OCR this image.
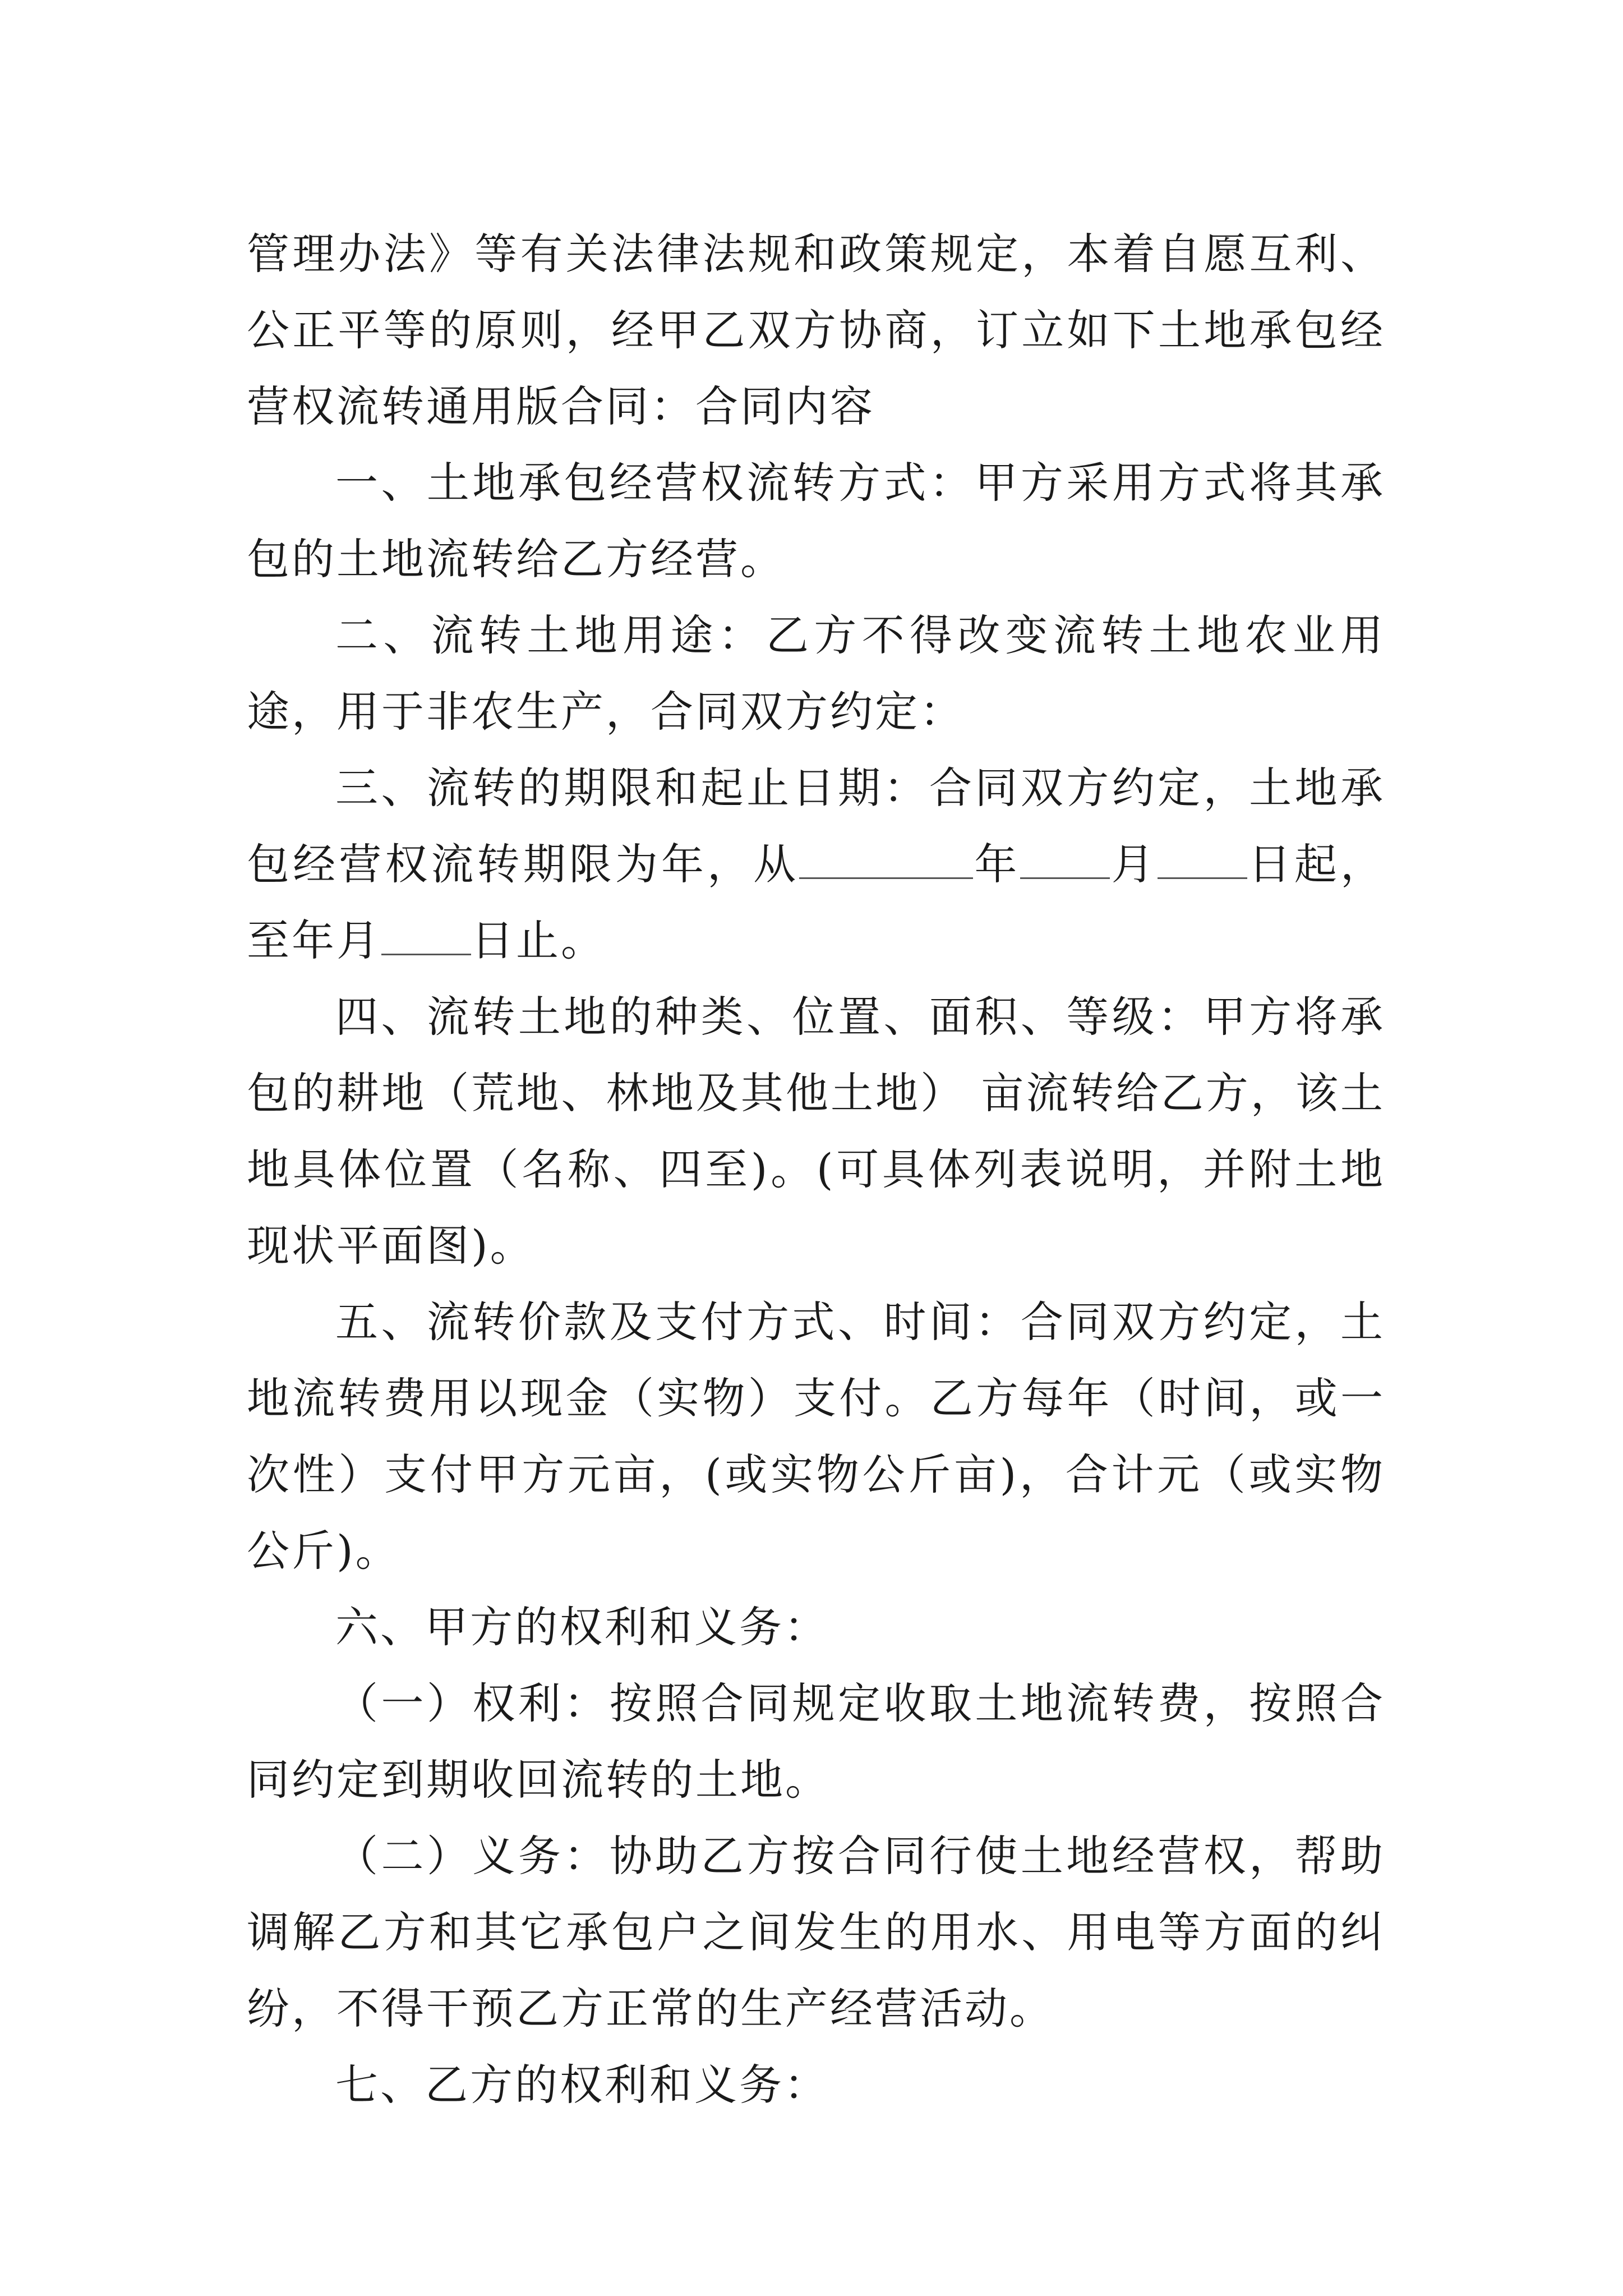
管理办法》等有关法律法规和政策规定，本着自愿互利、公正平等的原则，经甲乙双方协商，订立如下土地承包经营权流转通用版合同：合同内容

一、土地承包经营权流转方式：甲方采用方式将其承包的土地流转给乙方经营。

二、流转土地用途：乙方不得改变流转土地农业用途，用于非农生产，合同双方约定：

三、流转的期限和起止日期：合同双方约定，土地承包经营权流转期限为年，从	年 月 日起，至年月 日止。

四、流转土地的种类、位置、面积、等级：甲方将承包的耕地（荒地、林地及其他土地） 亩流转给乙方，该土地具体位置（名称、四至)。(可具体列表说明，并附土地现状平面图)。

五、流转价款及支付方式、时间：合同双方约定，土地流转费用以现金（实物）支付。乙方每年（时间，或一次性）支付甲方元亩，(或实物公斤亩)，合计元（或实物公斤)。

六、甲方的权利和义务：

（一）权利：按照合同规定收取土地流转费，按照合同约定到期收回流转的土地。

（二）义务：协助乙方按合同行使土地经营权，帮助调解乙方和其它承包户之间发生的用水、用电等方面的纠纷，不得干预乙方正常的生产经营活动。

七、乙方的权利和义务：
